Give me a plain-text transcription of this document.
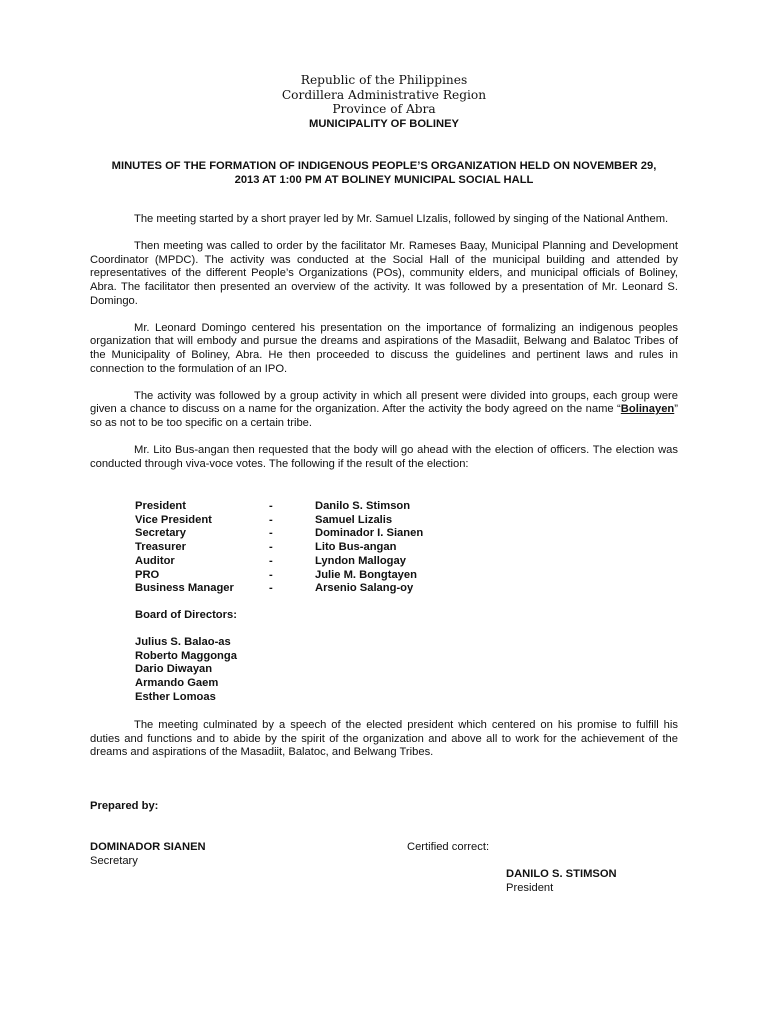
Republic of the Philippines
Cordillera Administrative Region
Province of Abra
MUNICIPALITY OF BOLINEY
MINUTES OF THE FORMATION OF INDIGENOUS PEOPLE’S ORGANIZATION HELD ON NOVEMBER 29,
2013 AT 1:00 PM AT BOLINEY MUNICIPAL SOCIAL HALL

The meeting started by a short prayer led by Mr. Samuel LIzalis, followed by singing of the National Anthem.

Then meeting was called to order by the facilitator Mr. Rameses Baay, Municipal Planning and Development Coordinator (MPDC). The activity was conducted at the Social Hall of the municipal building and attended by representatives of the different People’s Organizations (POs), community elders, and municipal officials of Boliney, Abra. The facilitator then presented an overview of the activity. It was followed by a presentation of Mr. Leonard S. Domingo.

Mr. Leonard Domingo centered his presentation on the importance of formalizing an indigenous peoples organization that will embody and pursue the dreams and aspirations of the Masadiit, Belwang and Balatoc Tribes of the Municipality of Boliney, Abra. He then proceeded to discuss the guidelines and pertinent laws and rules in connection to the formulation of an IPO.

The activity was followed by a group activity in which all present were divided into groups, each group were given a chance to discuss on a name for the organization. After the activity the body agreed on the name “Bolinayen” so as not to be too specific on a certain tribe.

Mr. Lito Bus-angan then requested that the body will go ahead with the election of officers. The election was conducted through viva-voce votes. The following if the result of the election:

President	-	Danilo S. Stimson
Vice President	-	Samuel Lizalis
Secretary	-	Dominador I. Sianen
Treasurer	-	Lito Bus-angan
Auditor	-	Lyndon Mallogay
PRO	-	Julie M. Bongtayen
Business Manager	-	Arsenio Salang-oy
Board of Directors:
Julius S. Balao-as
Roberto Maggonga
Dario Diwayan
Armando Gaem
Esther Lomoas

The meeting culminated by a speech of the elected president which centered on his promise to fulfill his duties and functions and to abide by the spirit of the organization and above all to work for the achievement of the dreams and aspirations of the Masadiit, Balatoc, and Belwang Tribes.

Prepared by:
DOMINADOR SIANEN
Secretary
Certified correct:
DANILO S. STIMSON
President
